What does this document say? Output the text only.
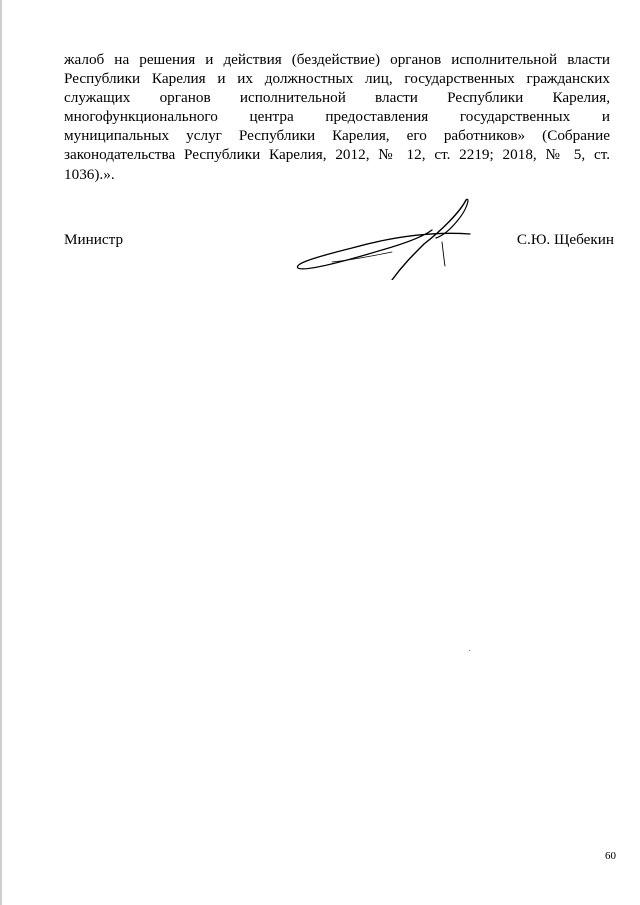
жалоб на решения и действия (бездействие) органов исполнительной власти
Республики Карелия и их должностных лиц, государственных гражданских
служащих органов исполнительной власти Республики Карелия,
многофункционального центра предоставления государственных и
муниципальных услуг Республики Карелия, его работников» (Собрание
законодательства Республики Карелия, 2012, № 12, ст. 2219; 2018, № 5, ст.
1036).».
Министр	С.Ю. Щебекин
60
